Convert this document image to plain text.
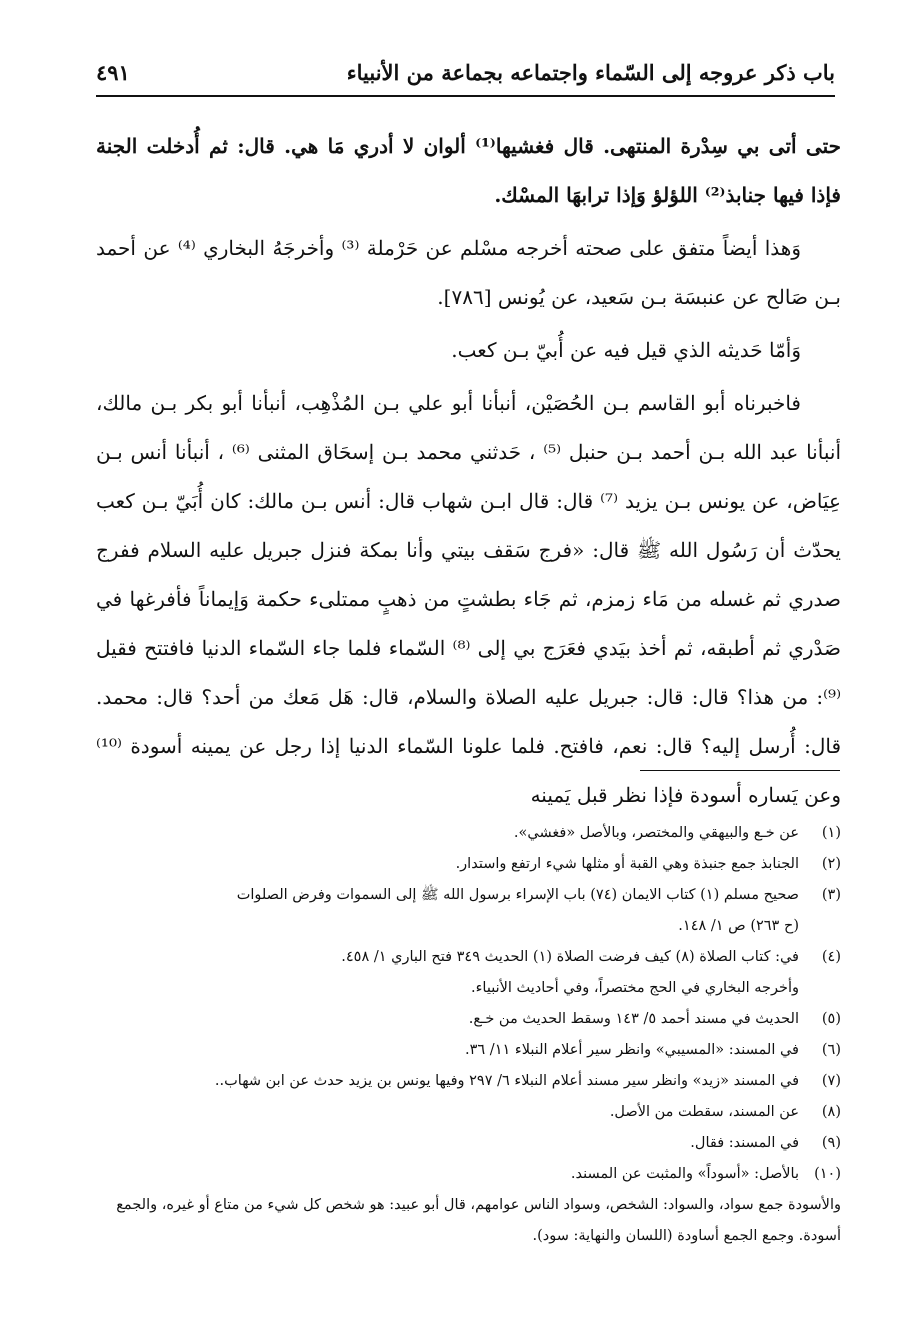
باب ذكر عروجه إلى السّماء واجتماعه بجماعة من الأنبياء
٤٩١

حتى أتى بي سِدْرة المنتهى. قال فغشيها⁽¹⁾ ألوان لا أدري مَا هي. قال: ثم أُدخلت الجنة فإذا فيها جنابذ⁽²⁾ اللؤلؤ وَإذا ترابهَا المسْك.

وَهذا أيضاً متفق على صحته أخرجه مسْلم عن حَرْملة ⁽³⁾ وأخرجَهُ البخاري ⁽⁴⁾ عن أحمد بـن صَالح عن عنبسَة بـن سَعيد، عن يُونس [٧٨٦].

وَأمّا حَديثه الذي قيل فيه عن أُبيّ بـن كعب.

فاخبرناه أبو القاسم بـن الحُصَيْن، أنبأنا أبو علي بـن المُذْهِب، أنبأنا أبو بكر بـن مالك، أنبأنا عبد الله بـن أحمد بـن حنبل ⁽⁵⁾ ، حَدثني محمد بـن إسحَاق المثنى ⁽⁶⁾ ، أنبأنا أنس بـن عِيَاض، عن يونس بـن يزيد ⁽⁷⁾ قال: قال ابـن شهاب قال: أنس بـن مالك: كان أُبَيّ بـن كعب يحدّث أن رَسُول الله ﷺ قال: «فرج سَقف بيتي وأنا بمكة فنزل جبريل عليه السلام ففرج صدري ثم غسله من مَاء زمزم، ثم جَاء بطشتٍ من ذهبٍ ممتلىء حكمة وَإيماناً فأفرغها في صَدْري ثم أطبقه، ثم أخذ بيَدي فعَرَج بي إلى ⁽⁸⁾ السّماء فلما جاء السّماء الدنيا فافتتح فقيل ⁽⁹⁾: من هذا؟ قال: قال: جبريل عليه الصلاة والسلام، قال: هَل مَعك من أحد؟ قال: محمد. قال: أُرسل إليه؟ قال: نعم، فافتح. فلما علونا السّماء الدنيا إذا رجل عن يمينه أسودة ⁽¹⁰⁾ وعن يَساره أسودة فإذا نظر قبل يَمينه

(١)
عن خـع والبيهقي والمختصر، وبالأصل «فغشي».
(٢)
الجنابذ جمع جنبذة وهي القبة أو مثلها شيء ارتفع واستدار.
(٣)
صحيح مسلم (١) كتاب الايمان (٧٤) باب الإسراء برسول الله ﷺ إلى السموات وفرض الصلوات

(ح ٢٦٣) ص ١/ ١٤٨.

(٤)
في: كتاب الصلاة (٨) كيف فرضت الصلاة (١) الحديث ٣٤٩ فتح الباري ١/ ٤٥٨.

وأخرجه البخاري في الحج مختصراً، وفي أحاديث الأنبياء.

(٥)
الحديث في مسند أحمد ٥/ ١٤٣ وسقط الحديث من خـع.
(٦)
في المسند: «المسيبي» وانظر سير أعلام النبلاء ١١/ ٣٦.
(٧)
في المسند «زيد» وانظر سير مسند أعلام النبلاء ٦/ ٢٩٧ وفيها يونس بن يزيد حدث عن ابن شهاب..
(٨)
عن المسند، سقطت من الأصل.
(٩)
في المسند: فقال.
(١٠)
بالأصل: «أسوداً» والمثبت عن المسند.

والأسودة جمع سواد، والسواد: الشخص، وسواد الناس عوامهم، قال أبو عبيد: هو شخص كل شيء من متاع أو غيره، والجمع أسودة. وجمع الجمع أساودة (اللسان والنهاية: سود).
